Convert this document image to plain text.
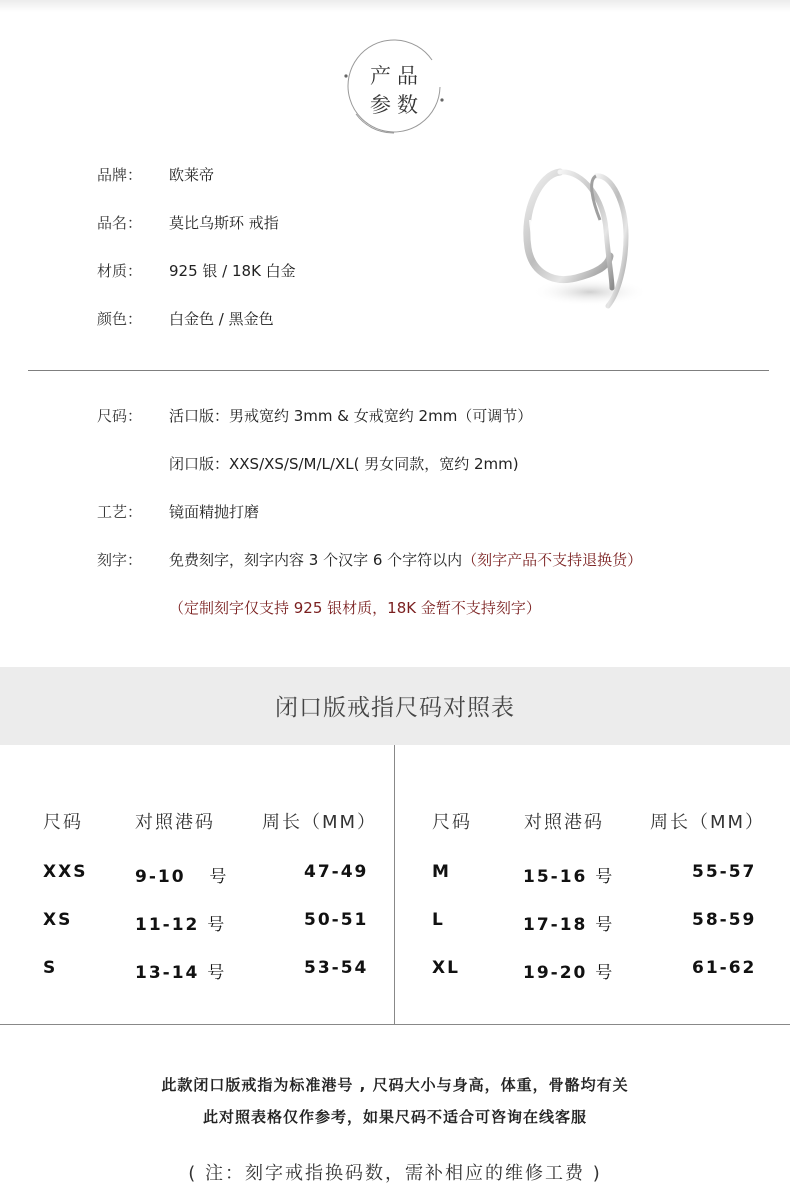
产品
参数
品牌： 欧莱帝
品名： 莫比乌斯环 戒指
材质： 925 银 / 18K 白金
颜色： 白金色 / 黑金色
尺码： 活口版：男戒宽约 3mm & 女戒宽约 2mm（可调节）
闭口版：XXS/XS/S/M/L/XL( 男女同款，宽约 2mm)
工艺： 镜面精抛打磨
刻字： 免费刻字，刻字内容 3 个汉字 6 个字符以内（刻字产品不支持退换货）
（定制刻字仅支持 925 银材质，18K 金暂不支持刻字）
闭口版戒指尺码对照表
尺码	对照港码	周长（MM）	尺码	对照港码	周长（MM）
XXS	9-10 号	47-49
XS	11-12 号	50-51
S	13-14 号	53-54
M	15-16 号	55-57
L	17-18 号	58-59
XL	19-20 号	61-62
此款闭口版戒指为标准港号 , 尺码大小与身高，体重，骨骼均有关
此对照表格仅作参考，如果尺码不适合可咨询在线客服
( 注：刻字戒指换码数，需补相应的维修工费 )
